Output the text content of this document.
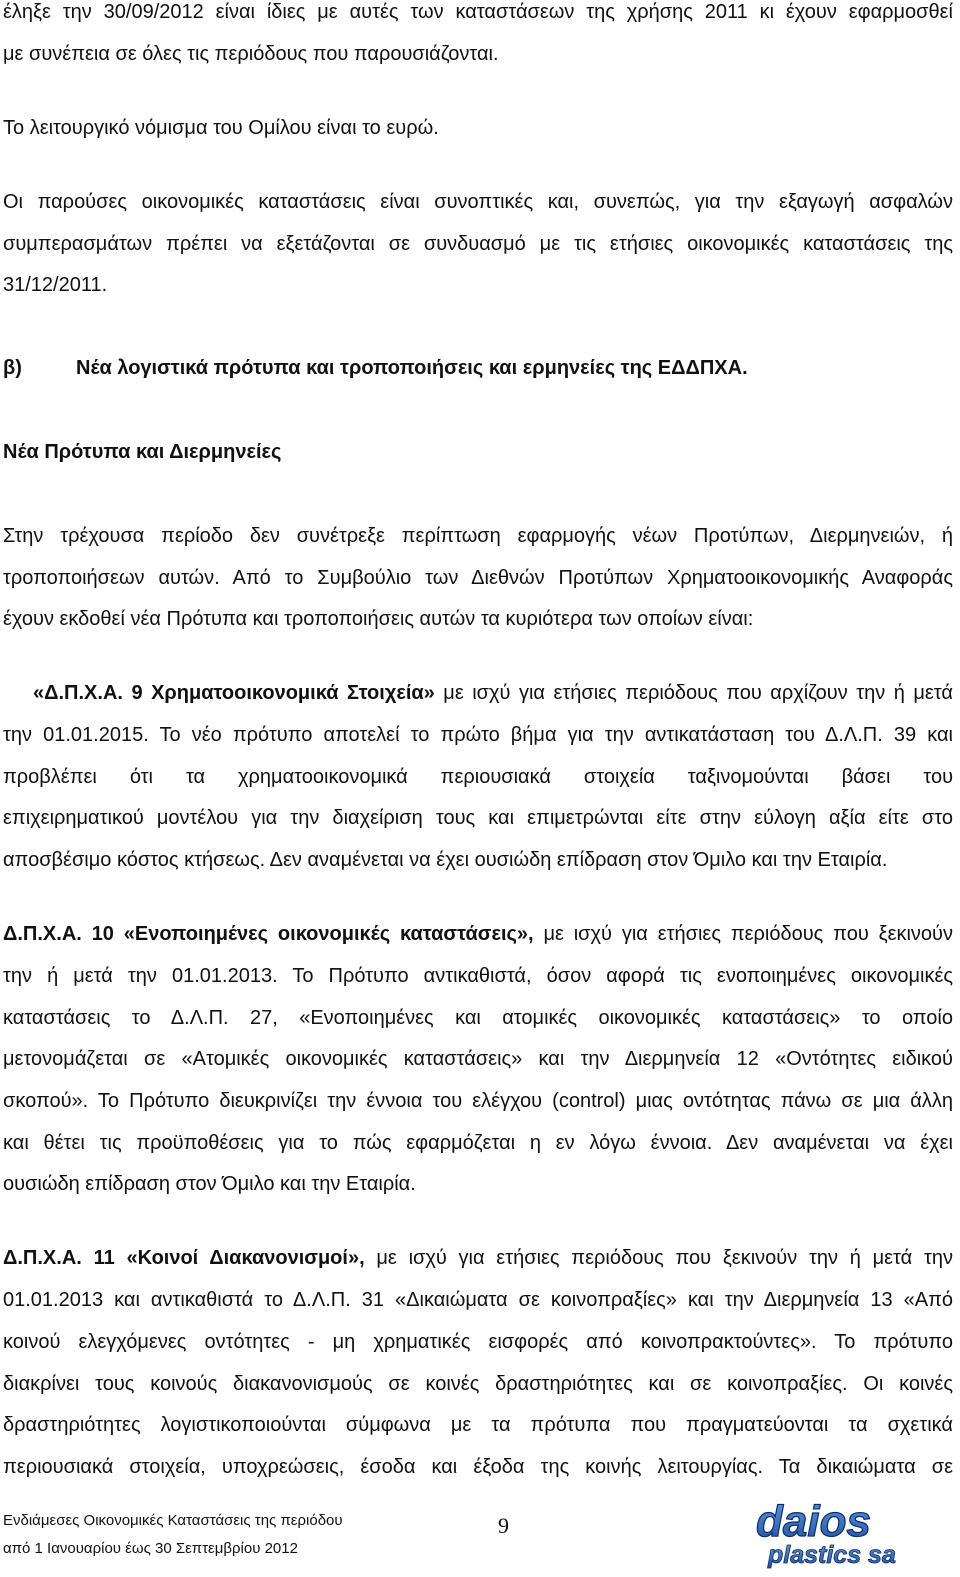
έληξε την 30/09/2012 είναι ίδιες με αυτές των καταστάσεων της χρήσης 2011 κι έχουν εφαρμοσθεί
με συνέπεια σε όλες τις περιόδους που παρουσιάζονται.
Το λειτουργικό νόμισμα του Ομίλου είναι το ευρώ.
Οι παρούσες οικονομικές καταστάσεις είναι συνοπτικές και, συνεπώς, για την εξαγωγή ασφαλών
συμπερασμάτων πρέπει να εξετάζονται σε συνδυασμό με τις ετήσιες οικονομικές καταστάσεις της
31/12/2011.
β)	Νέα λογιστικά πρότυπα και τροποποιήσεις και ερμηνείες της ΕΔΔΠΧΑ.
Νέα Πρότυπα και Διερμηνείες
Στην τρέχουσα περίοδο δεν συνέτρεξε περίπτωση εφαρμογής νέων Προτύπων, Διερμηνειών, ή
τροποποιήσεων αυτών. Από το Συμβούλιο των Διεθνών Προτύπων Χρηματοοικονομικής Αναφοράς
έχουν εκδοθεί νέα Πρότυπα και τροποποιήσεις αυτών τα κυριότερα των οποίων είναι:
«Δ.Π.Χ.Α. 9 Χρηματοοικονομικά Στοιχεία» με ισχύ για ετήσιες περιόδους που αρχίζουν την ή μετά
την 01.01.2015. Το νέο πρότυπο αποτελεί το πρώτο βήμα για την αντικατάσταση του Δ.Λ.Π. 39 και
προβλέπει ότι τα χρηματοοικονομικά περιουσιακά στοιχεία ταξινομούνται βάσει του
επιχειρηματικού μοντέλου για την διαχείριση τους και επιμετρώνται είτε στην εύλογη αξία είτε στο
αποσβέσιμο κόστος κτήσεως. Δεν αναμένεται να έχει ουσιώδη επίδραση στον Όμιλο και την Εταιρία.
Δ.Π.Χ.Α. 10 «Ενοποιημένες οικονομικές καταστάσεις», με ισχύ για ετήσιες περιόδους που ξεκινούν
την ή μετά την 01.01.2013. Το Πρότυπο αντικαθιστά, όσον αφορά τις ενοποιημένες οικονομικές
καταστάσεις το Δ.Λ.Π. 27, «Ενοποιημένες και ατομικές οικονομικές καταστάσεις» το οποίο
μετονομάζεται σε «Ατομικές οικονομικές καταστάσεις» και την Διερμηνεία 12 «Οντότητες ειδικού
σκοπού». Το Πρότυπο διευκρινίζει την έννοια του ελέγχου (control) μιας οντότητας πάνω σε μια άλλη
και θέτει τις προϋποθέσεις για το πώς εφαρμόζεται η εν λόγω έννοια. Δεν αναμένεται να έχει
ουσιώδη επίδραση στον Όμιλο και την Εταιρία.
Δ.Π.Χ.Α. 11 «Κοινοί Διακανονισμοί», με ισχύ για ετήσιες περιόδους που ξεκινούν την ή μετά την
01.01.2013 και αντικαθιστά το Δ.Λ.Π. 31 «Δικαιώματα σε κοινοπραξίες» και την Διερμηνεία 13 «Από
κοινού ελεγχόμενες οντότητες - μη χρηματικές εισφορές από κοινοπρακτούντες». Το πρότυπο
διακρίνει τους κοινούς διακανονισμούς σε κοινές δραστηριότητες και σε κοινοπραξίες. Οι κοινές
δραστηριότητες λογιστικοποιούνται σύμφωνα με τα πρότυπα που πραγματεύονται τα σχετικά
περιουσιακά στοιχεία, υποχρεώσεις, έσοδα και έξοδα της κοινής λειτουργίας. Τα δικαιώματα σε
Ενδιάμεσες Οικονομικές Καταστάσεις της περιόδου
από 1 Ιανουαρίου έως 30 Σεπτεμβρίου 2012
9	daios
plastics sa
